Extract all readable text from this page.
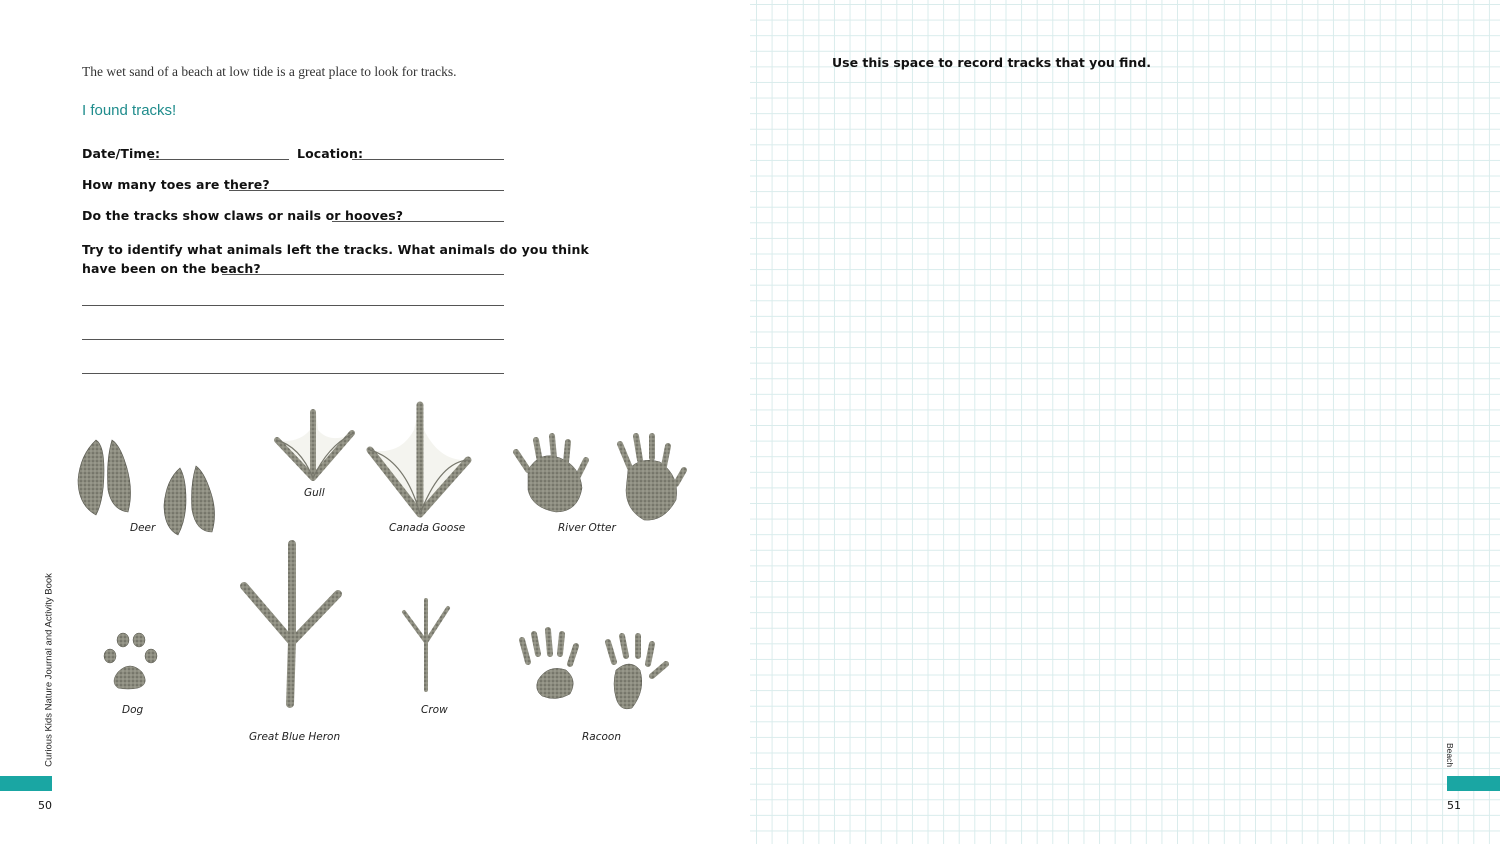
The wet sand of a beach at low tide is a great place to look for tracks.
I found tracks!
Date/Time:	Location:
How many toes are there?
Do the tracks show claws or nails or hooves?
Try to identify what animals left the tracks. What animals do you think
have been on the beach?
Deer
Gull
Canada Goose	River Otter
Dog
Great Blue Heron
Crow
Racoon
Curious Kids Nature Journal and Activity Book
50
Use this space to record tracks that you find.
Beach
51
